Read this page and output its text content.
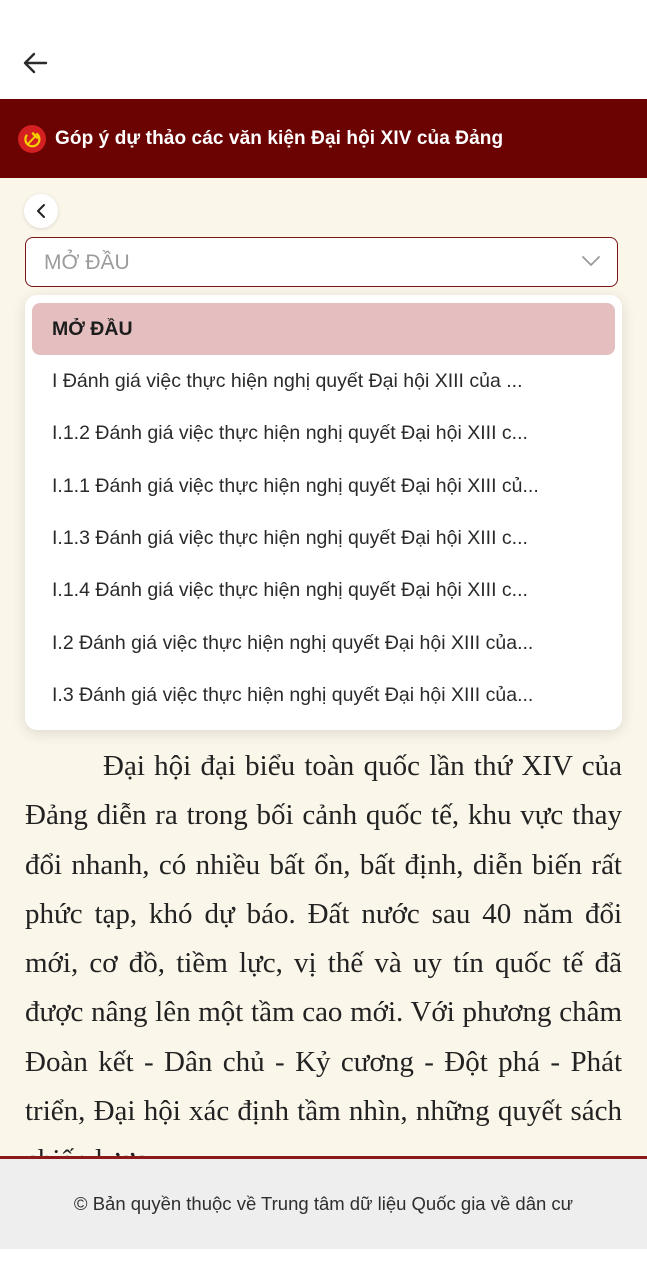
Góp ý dự thảo các văn kiện Đại hội XIV của Đảng
MỞ ĐẦU
MỞ ĐẦU
I Đánh giá việc thực hiện nghị quyết Đại hội XIII của ...
I.1.2 Đánh giá việc thực hiện nghị quyết Đại hội XIII c...
I.1.1 Đánh giá việc thực hiện nghị quyết Đại hội XIII củ...
I.1.3 Đánh giá việc thực hiện nghị quyết Đại hội XIII c...
I.1.4 Đánh giá việc thực hiện nghị quyết Đại hội XIII c...
I.2 Đánh giá việc thực hiện nghị quyết Đại hội XIII của...
I.3 Đánh giá việc thực hiện nghị quyết Đại hội XIII của...

Đại hội đại biểu toàn quốc lần thứ XIV của Đảng diễn ra trong bối cảnh quốc tế, khu vực thay đổi nhanh, có nhiều bất ổn, bất định, diễn biến rất phức tạp, khó dự báo. Đất nước sau 40 năm đổi mới, cơ đồ, tiềm lực, vị thế và uy tín quốc tế đã được nâng lên một tầm cao mới. Với phương châm Đoàn kết - Dân chủ - Kỷ cương - Đột phá - Phát triển, Đại hội xác định tầm nhìn, những quyết sách

© Bản quyền thuộc về Trung tâm dữ liệu Quốc gia về dân cư
